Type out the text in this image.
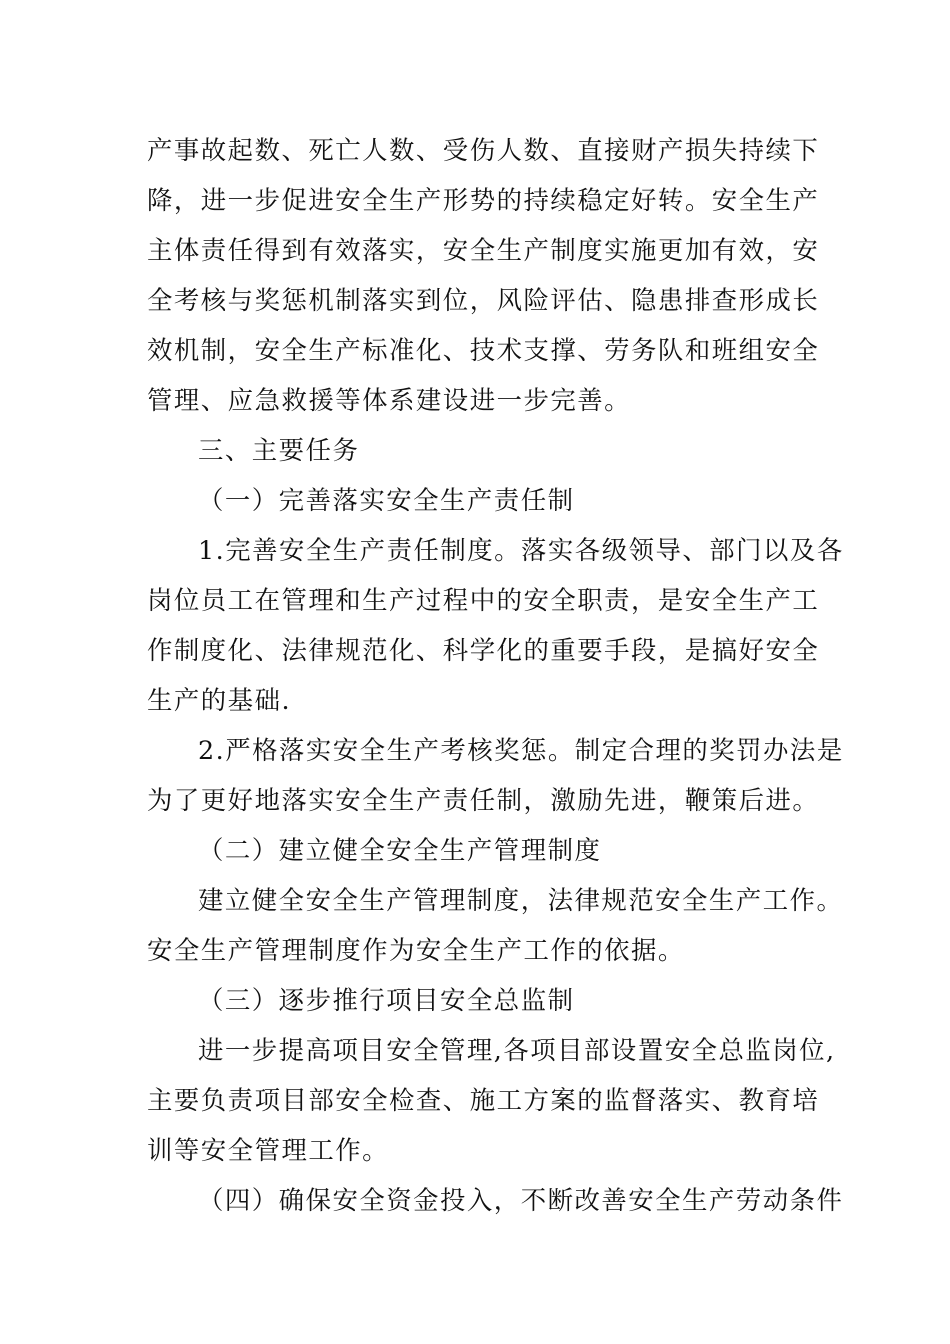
产事故起数、死亡人数、受伤人数、直接财产损失持续下
降，进一步促进安全生产形势的持续稳定好转。安全生产
主体责任得到有效落实，安全生产制度实施更加有效，安
全考核与奖惩机制落实到位，风险评估、隐患排查形成长
效机制，安全生产标准化、技术支撑、劳务队和班组安全
管理、应急救援等体系建设进一步完善。
三、主要任务
（一）完善落实安全生产责任制
1.完善安全生产责任制度。落实各级领导、部门以及各
岗位员工在管理和生产过程中的安全职责，是安全生产工
作制度化、法律规范化、科学化的重要手段，是搞好安全
生产的基础.
2.严格落实安全生产考核奖惩。制定合理的奖罚办法是
为了更好地落实安全生产责任制，激励先进，鞭策后进。
（二）建立健全安全生产管理制度
建立健全安全生产管理制度，法律规范安全生产工作。
安全生产管理制度作为安全生产工作的依据。
（三）逐步推行项目安全总监制
进一步提高项目安全管理,各项目部设置安全总监岗位,
主要负责项目部安全检查、施工方案的监督落实、教育培
训等安全管理工作。
（四）确保安全资金投入，不断改善安全生产劳动条件
